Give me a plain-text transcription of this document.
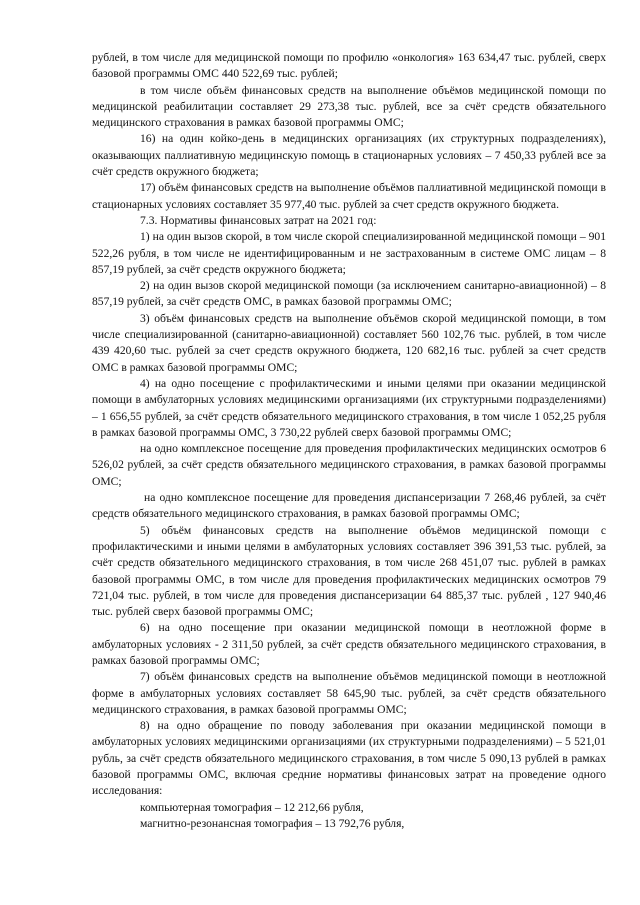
рублей, в том числе для медицинской помощи по профилю «онкология» 163 634,47 тыс. рублей, сверх базовой программы ОМС 440 522,69 тыс. рублей;

в том числе объём финансовых средств на выполнение объёмов медицинской помощи по медицинской реабилитации составляет 29 273,38 тыс. рублей, все за счёт средств обязательного медицинского страхования в рамках базовой программы ОМС;

16) на один койко-день в медицинских организациях (их структурных подразделениях), оказывающих паллиативную медицинскую помощь в стационарных условиях – 7 450,33 рублей все за счёт средств окружного бюджета;

17) объём финансовых средств на выполнение объёмов паллиативной медицинской помощи в стационарных условиях составляет 35 977,40 тыс. рублей за счет средств окружного бюджета.

7.3. Нормативы финансовых затрат на 2021 год:

1) на один вызов скорой, в том числе скорой специализированной медицинской помощи – 901 522,26 рубля, в том числе не идентифицированным и не застрахованным в системе ОМС лицам – 8 857,19 рублей, за счёт средств окружного бюджета;

2) на один вызов скорой медицинской помощи (за исключением санитарно-авиационной) – 8 857,19 рублей, за счёт средств ОМС, в рамках базовой программы ОМС;

3) объём финансовых средств на выполнение объёмов скорой медицинской помощи, в том числе специализированной (санитарно-авиационной) составляет 560 102,76 тыс. рублей, в том числе 439 420,60 тыс. рублей за счет средств окружного бюджета, 120 682,16 тыс. рублей за счет средств ОМС в рамках базовой программы ОМС;

4) на одно посещение с профилактическими и иными целями при оказании медицинской помощи в амбулаторных условиях медицинскими организациями (их структурными подразделениями) – 1 656,55 рублей, за счёт средств обязательного медицинского страхования, в том числе 1 052,25 рубля в рамках базовой программы ОМС, 3 730,22 рублей сверх базовой программы ОМС;

на одно комплексное посещение для проведения профилактических медицинских осмотров 6 526,02 рублей, за счёт средств обязательного медицинского страхования, в рамках базовой программы ОМС;

на одно комплексное посещение для проведения диспансеризации 7 268,46 рублей, за счёт средств обязательного медицинского страхования, в рамках базовой программы ОМС;

5) объём финансовых средств на выполнение объёмов медицинской помощи с профилактическими и иными целями в амбулаторных условиях составляет 396 391,53 тыс. рублей, за счёт средств обязательного медицинского страхования, в том числе 268 451,07 тыс. рублей в рамках базовой программы ОМС, в том числе для проведения профилактических медицинских осмотров 79 721,04 тыс. рублей, в том числе для проведения диспансеризации 64 885,37 тыс. рублей , 127 940,46 тыс. рублей сверх базовой программы ОМС;

6) на одно посещение при оказании медицинской помощи в неотложной форме в амбулаторных условиях - 2 311,50 рублей, за счёт средств обязательного медицинского страхования, в рамках базовой программы ОМС;

7) объём финансовых средств на выполнение объёмов медицинской помощи в неотложной форме в амбулаторных условиях составляет 58 645,90 тыс. рублей, за счёт средств обязательного медицинского страхования, в рамках базовой программы ОМС;

8) на одно обращение по поводу заболевания при оказании медицинской помощи в амбулаторных условиях медицинскими организациями (их структурными подразделениями) – 5 521,01 рубль, за счёт средств обязательного медицинского страхования, в том числе 5 090,13 рублей в рамках базовой программы ОМС, включая средние нормативы финансовых затрат на проведение одного исследования:

компьютерная томография – 12 212,66 рубля,

магнитно-резонансная томография – 13 792,76 рубля,
